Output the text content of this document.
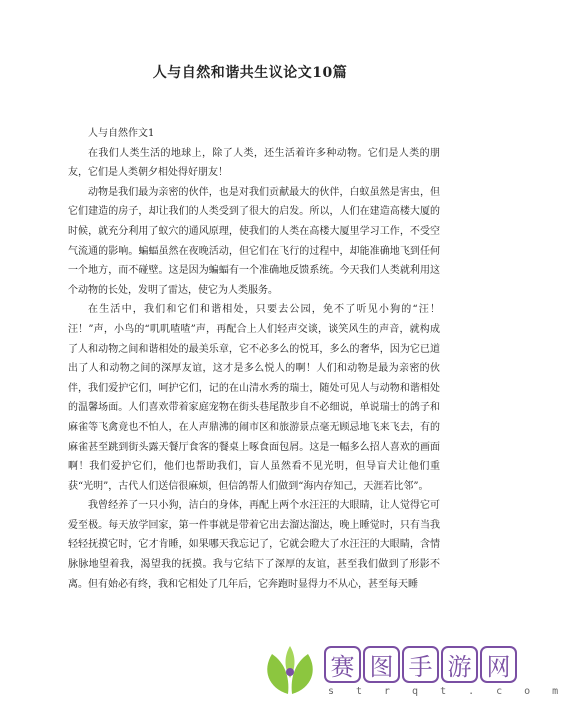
人与自然和谐共生议论文10篇

人与自然作文1

在我们人类生活的地球上，除了人类，还生活着许多种动物。它们是人类的朋友，它们是人类朝夕相处得好朋友！

动物是我们最为亲密的伙伴，也是对我们贡献最大的伙伴，白蚁虽然是害虫，但它们建造的房子，却让我们的人类受到了很大的启发。所以，人们在建造高楼大厦的时候，就充分利用了蚁穴的通风原理，使我们的人类在高楼大厦里学习工作，不受空气流通的影响。蝙蝠虽然在夜晚活动，但它们在飞行的过程中，却能准确地飞到任何一个地方，而不碰壁。这是因为蝙蝠有一个准确地反馈系统。今天我们人类就利用这个动物的长处，发明了雷达，使它为人类服务。

在生活中，我们和它们和谐相处，只要去公园，免不了听见小狗的“汪！汪！”声，小鸟的“叽叽喳喳”声，再配合上人们轻声交谈，谈笑风生的声音，就构成了人和动物之间和谐相处的最美乐章，它不必多么的悦耳，多么的奢华，因为它已道出了人和动物之间的深厚友谊，这才是多么悦人的啊！人们和动物是最为亲密的伙伴，我们爱护它们，呵护它们，记的在山清水秀的瑞士，随处可见人与动物和谐相处的温馨场面。人们喜欢带着家庭宠物在街头巷尾散步自不必细说，单说瑞士的鸽子和麻雀等飞禽竟也不怕人，在人声鼎沸的闹市区和旅游景点毫无顾忌地飞来飞去，有的麻雀甚至跳到街头露天餐厅食客的餐桌上啄食面包屑。这是一幅多么招人喜欢的画面啊！我们爱护它们，他们也帮助我们，盲人虽然看不见光明，但导盲犬让他们重获“光明”，古代人们送信很麻烦，但信鸽帮人们做到“海内存知己，天涯若比邻”。

我曾经养了一只小狗，洁白的身体，再配上两个水汪汪的大眼睛，让人觉得它可爱至极。每天放学回家，第一件事就是带着它出去溜达溜达，晚上睡觉时，只有当我轻轻抚摸它时，它才肯睡，如果哪天我忘记了，它就会瞪大了水汪汪的大眼睛，含情脉脉地望着我，渴望我的抚摸。我与它结下了深厚的友谊，甚至我们做到了形影不离。但有始必有终，我和它相处了几年后，它奔跑时显得力不从心，甚至每天睡

赛 图 手 游 网
strqt.com
